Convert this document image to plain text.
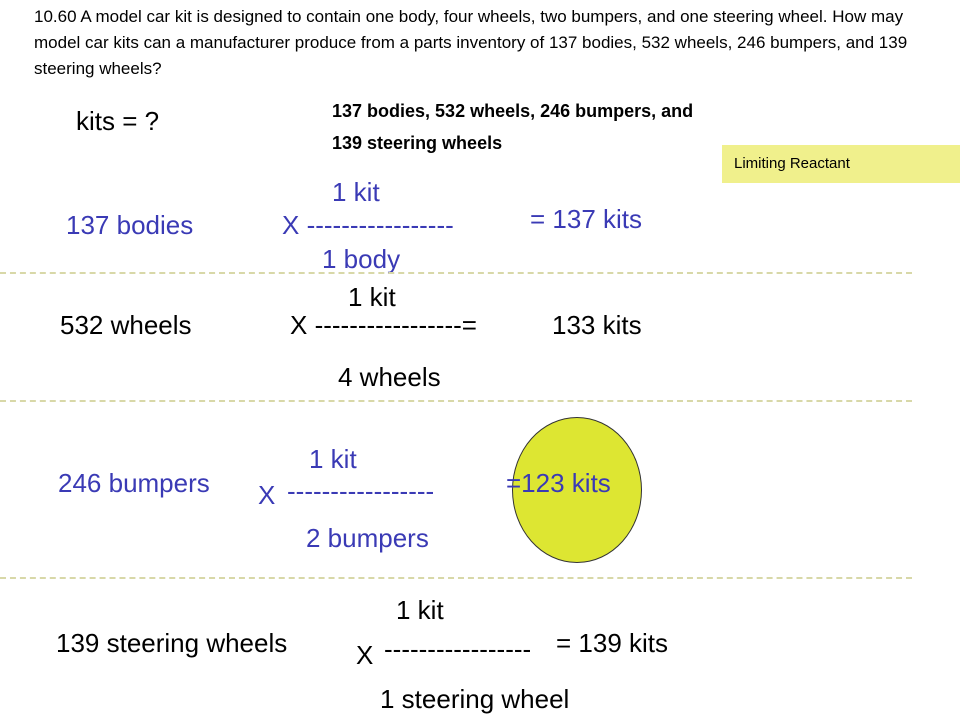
10.60 A model car kit is designed to contain one body, four wheels, two bumpers, and one steering wheel. How may model car kits can a manufacturer produce from a parts inventory of 137 bodies, 532 wheels, 246 bumpers, and 139 steering wheels?
kits = ?	137 bodies, 532 wheels, 246 bumpers, and
139 steering wheels
Limiting Reactant
1 kit
137 bodies	X -----------------	= 137 kits
1 body
1 kit
532 wheels	X -----------------=	133 kits
4 wheels
1 kit
246 bumpers X -----------------	=123 kits
2 bumpers
1 kit
139 steering wheels	X ----------------- = 139 kits
1 steering wheel
